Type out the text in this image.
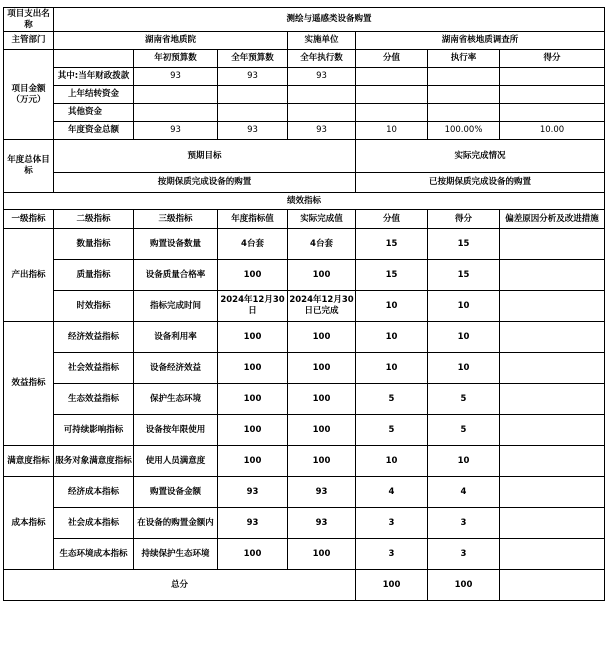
项目支出名称	测绘与遥感类设备购置						
主管部门	湖南省地质院			实施单位	湖南省核地质调查所		
项目金额（万元）		年初预算数	全年预算数	全年执行数	分值	执行率	得分
	其中:当年财政拨款	93	93	93			
	上年结转资金						
	其他资金						
	年度资金总额	93	93	93	10	100.00%	10.00
年度总体目标	预期目标				实际完成情况		
	按期保质完成设备的购置				已按期保质完成设备的购置		
绩效指标							
一级指标	二级指标	三级指标	年度指标值	实际完成值	分值	得分	偏差原因分析及改进措施
产出指标	数量指标	购置设备数量	4台套	4台套	15	15	
	质量指标	设备质量合格率	100	100	15	15	
	时效指标	指标完成时间	2024年12月30日	2024年12月30日已完成	10	10	
效益指标	经济效益指标	设备利用率	100	100	10	10	
	社会效益指标	设备经济效益	100	100	10	10	
	生态效益指标	保护生态环境	100	100	5	5	
	可持续影响指标	设备按年限使用	100	100	5	5	
满意度指标	服务对象满意度指标	使用人员满意度	100	100	10	10	
成本指标	经济成本指标	购置设备金额	93	93	4	4	
	社会成本指标	在设备的购置金额内	93	93	3	3	
	生态环境成本指标	持续保护生态环境	100	100	3	3	
总分					100	100	
